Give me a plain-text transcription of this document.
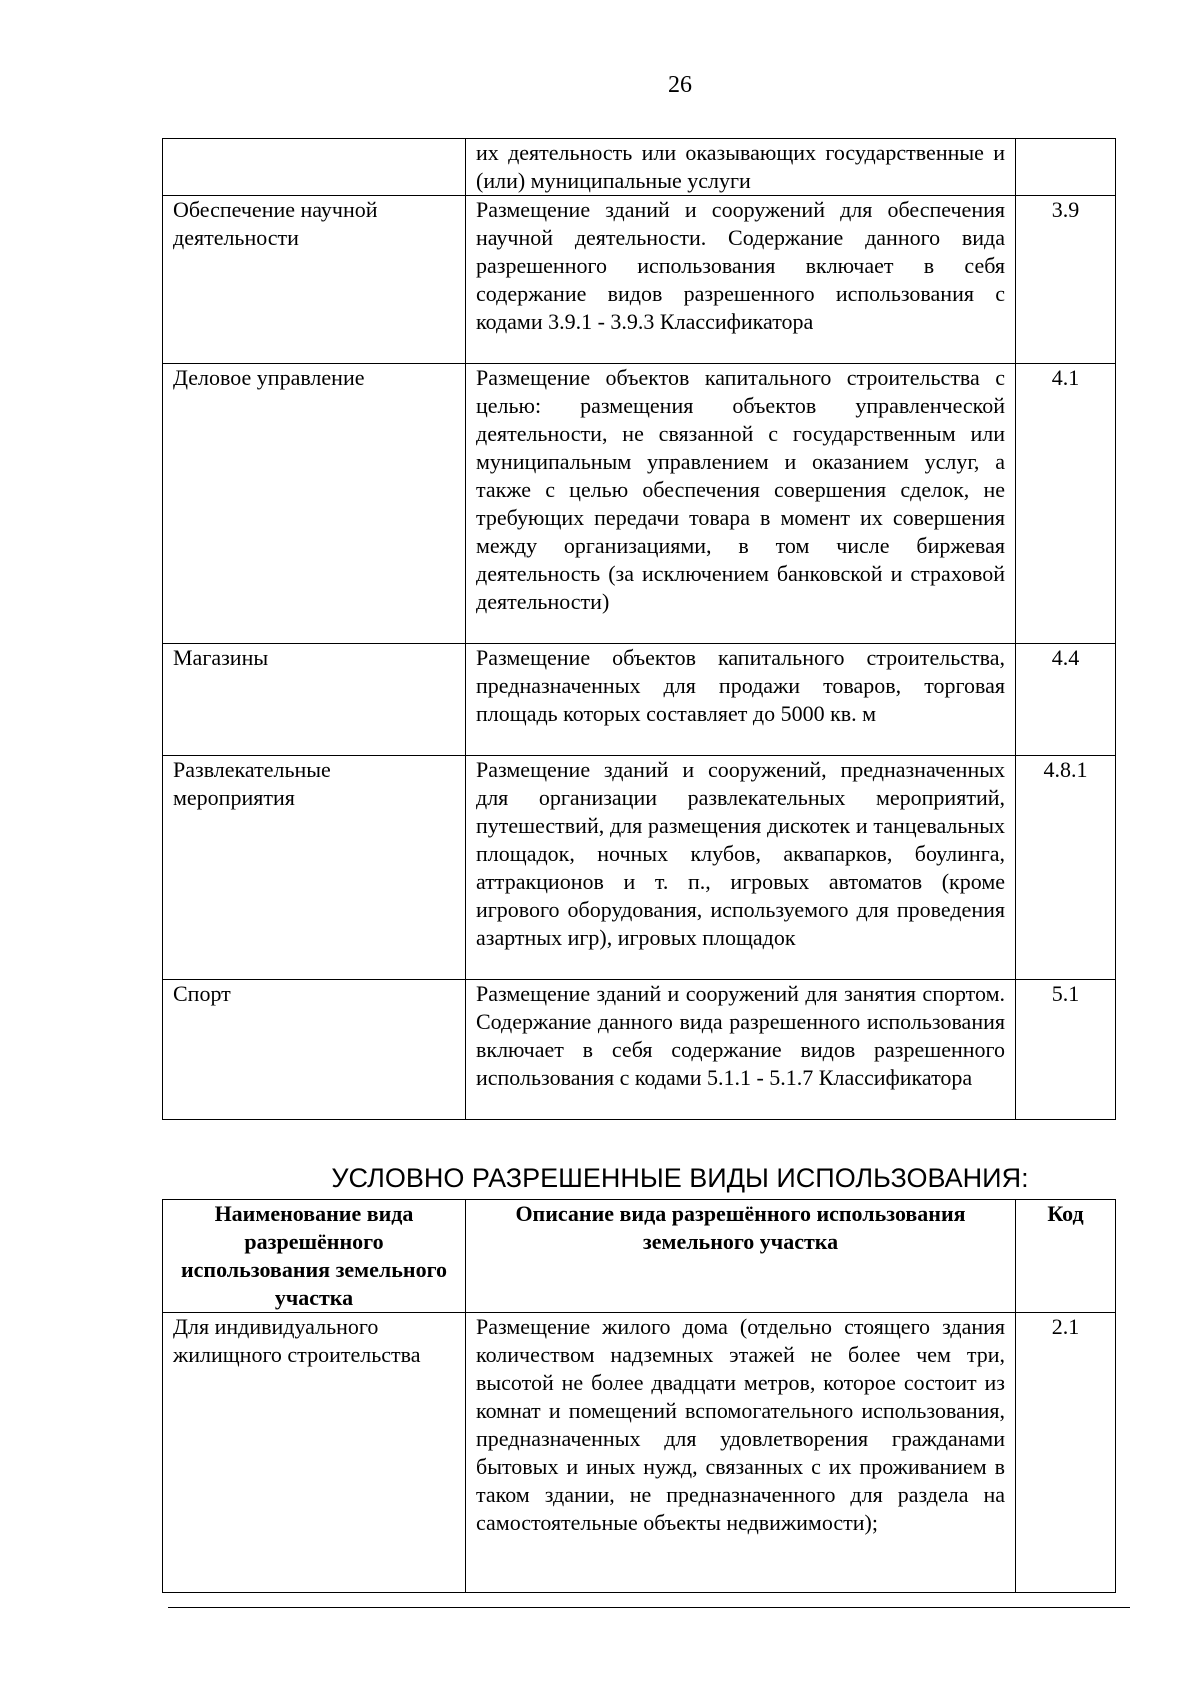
26
	их деятельность или оказывающих государственные и (или) муниципальные услуги	
Обеспечение научной деятельности	Размещение зданий и сооружений для обеспечения научной деятельности. Содержание данного вида разрешенного использования включает в себя содержание видов разрешенного использования с кодами 3.9.1 - 3.9.3 Классификатора	3.9
Деловое управление	Размещение объектов капитального строительства с целью: размещения объектов управленческой деятельности, не связанной с государственным или муниципальным управлением и оказанием услуг, а также с целью обеспечения совершения сделок, не требующих передачи товара в момент их совершения между организациями, в том числе биржевая деятельность (за исключением банковской и страховой деятельности)	4.1
Магазины	Размещение объектов капитального строительства, предназначенных для продажи товаров, торговая площадь которых составляет до 5000 кв. м	4.4
Развлекательные мероприятия	Размещение зданий и сооружений, предназначенных для организации развлекательных мероприятий, путешествий, для размещения дискотек и танцевальных площадок, ночных клубов, аквапарков, боулинга, аттракционов и т. п., игровых автоматов (кроме игрового оборудования, используемого для проведения азартных игр), игровых площадок	4.8.1
Спорт	Размещение зданий и сооружений для занятия спортом. Содержание данного вида разрешенного использования включает в себя содержание видов разрешенного использования с кодами 5.1.1 - 5.1.7 Классификатора	5.1
УСЛОВНО РАЗРЕШЕННЫЕ ВИДЫ ИСПОЛЬЗОВАНИЯ:
Наименование вида разрешённого использования земельного участка	Описание вида разрешённого использования земельного участка	Код
Для индивидуального жилищного строительства	Размещение жилого дома (отдельно стоящего здания количеством надземных этажей не более чем три, высотой не более двадцати метров, которое состоит из комнат и помещений вспомогательного использования, предназначенных для удовлетворения гражданами бытовых и иных нужд, связанных с их проживанием в таком здании, не предназначенного для раздела на самостоятельные объекты недвижимости);	2.1
